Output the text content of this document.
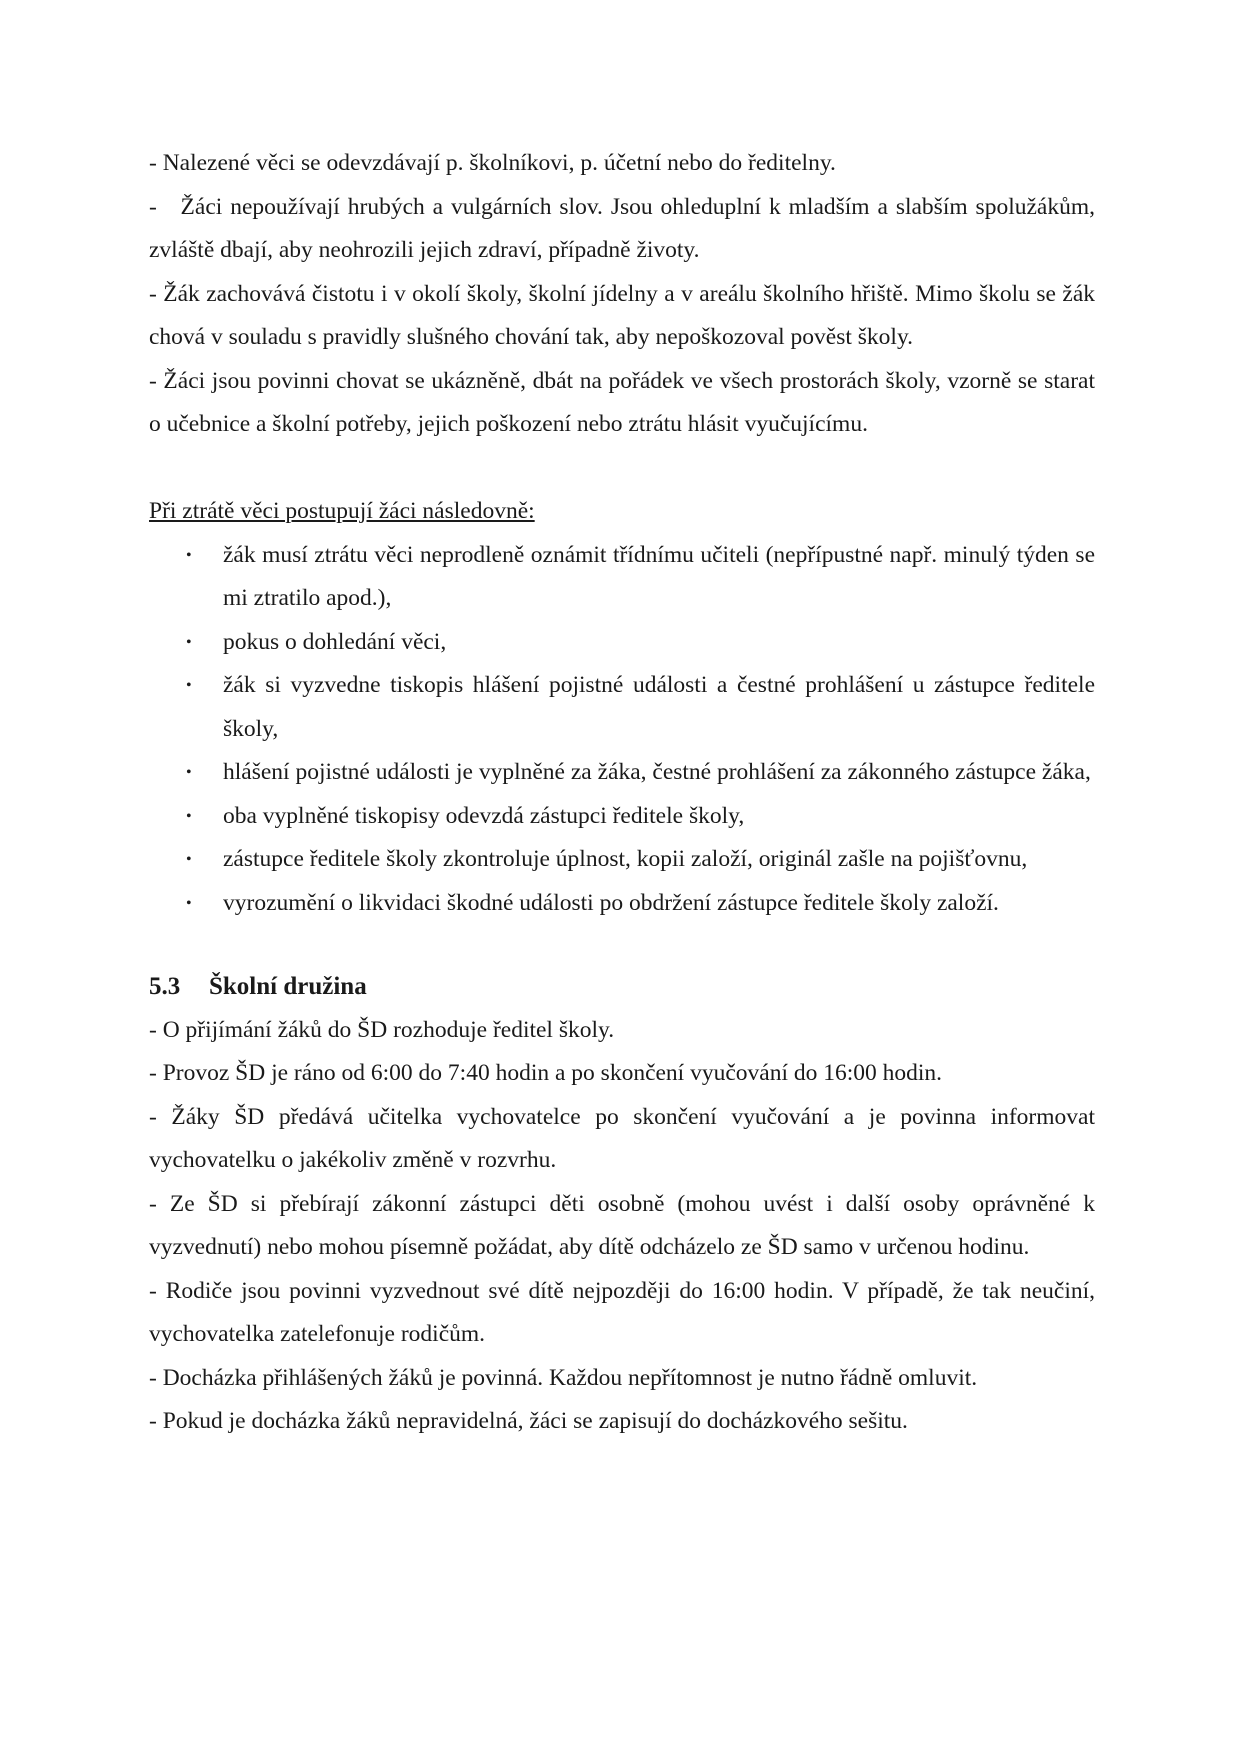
- Nalezené věci se odevzdávají p. školníkovi, p. účetní nebo do ředitelny.

-   Žáci nepoužívají hrubých a vulgárních slov. Jsou ohleduplní k mladším a slabším spolužákům, zvláště dbají, aby neohrozili jejich zdraví, případně životy.

- Žák zachovává čistotu i v okolí školy, školní jídelny a v areálu školního hřiště. Mimo školu se žák chová v souladu s pravidly slušného chování tak, aby nepoškozoval pověst školy.

- Žáci jsou povinni chovat se ukázněně, dbát na pořádek ve všech prostorách školy, vzorně se starat o učebnice a školní potřeby, jejich poškození nebo ztrátu hlásit vyučujícímu.

Při ztrátě věci postupují žáci následovně:

• žák musí ztrátu věci neprodleně oznámit třídnímu učiteli (nepřípustné např. minulý týden se mi ztratilo apod.),
• pokus o dohledání věci,
• žák si vyzvedne tiskopis hlášení pojistné události a čestné prohlášení u zástupce ředitele školy,
• hlášení pojistné události je vyplněné za žáka, čestné prohlášení za zákonného zástupce žáka,
• oba vyplněné tiskopisy odevzdá zástupci ředitele školy,
• zástupce ředitele školy zkontroluje úplnost, kopii založí, originál zašle na pojišťovnu,
• vyrozumění o likvidaci škodné události po obdržení zástupce ředitele školy založí.
5.3 Školní družina

- O přijímání žáků do ŠD rozhoduje ředitel školy.

- Provoz ŠD je ráno od 6:00 do 7:40 hodin a po skončení vyučování do 16:00 hodin.

- Žáky ŠD předává učitelka vychovatelce po skončení vyučování a je povinna informovat vychovatelku o jakékoliv změně v rozvrhu.

- Ze ŠD si přebírají zákonní zástupci děti osobně (mohou uvést i další osoby oprávněné k vyzvednutí) nebo mohou písemně požádat, aby dítě odcházelo ze ŠD samo v určenou hodinu.

- Rodiče jsou povinni vyzvednout své dítě nejpozději do 16:00 hodin. V případě, že tak neučiní, vychovatelka zatelefonuje rodičům.

- Docházka přihlášených žáků je povinná. Každou nepřítomnost je nutno řádně omluvit.

- Pokud je docházka žáků nepravidelná, žáci se zapisují do docházkového sešitu.
